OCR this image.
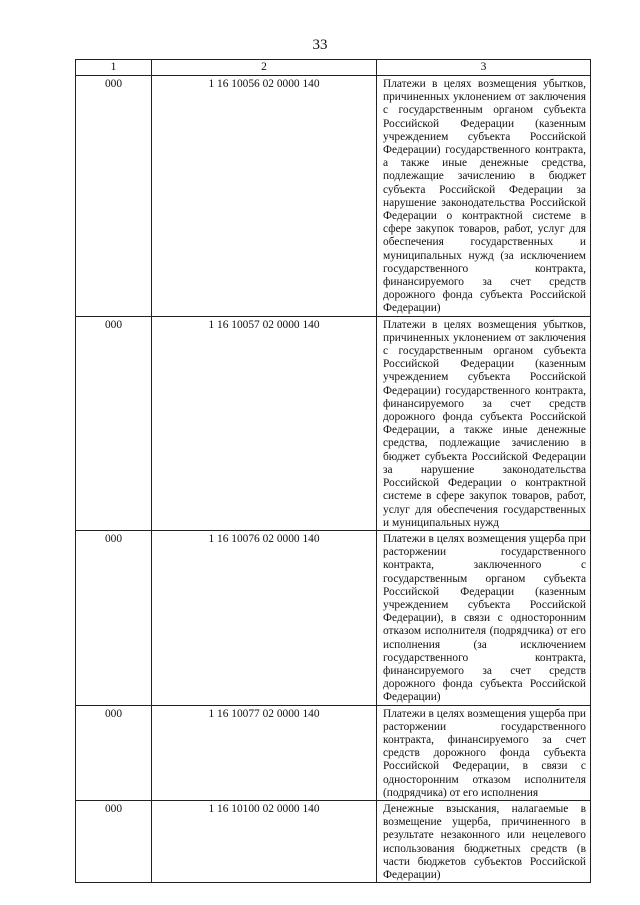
33
1	2	3
000	1 16 10056 02 0000 140	Платежи в целях возмещения убытков, причиненных уклонением от заключения с государственным органом субъекта Российской Федерации (казенным учреждением субъекта Российской Федерации) государственного контракта, а также иные денежные средства, подлежащие зачислению в бюджет субъекта Российской Федерации за нарушение законодательства Российской Федерации о контрактной системе в сфере закупок товаров, работ, услуг для обеспечения государственных и муниципальных нужд (за исключением государственного контракта, финансируемого за счет средств дорожного фонда субъекта Российской Федерации)
000	1 16 10057 02 0000 140	Платежи в целях возмещения убытков, причиненных уклонением от заключения с государственным органом субъекта Российской Федерации (казенным учреждением субъекта Российской Федерации) государственного контракта, финансируемого за счет средств дорожного фонда субъекта Российской Федерации, а также иные денежные средства, подлежащие зачислению в бюджет субъекта Российской Федерации за нарушение законодательства Российской Федерации о контрактной системе в сфере закупок товаров, работ, услуг для обеспечения государственных и муниципальных нужд
000	1 16 10076 02 0000 140	Платежи в целях возмещения ущерба при расторжении государственного контракта, заключенного с государственным органом субъекта Российской Федерации (казенным учреждением субъекта Российской Федерации), в связи с односторонним отказом исполнителя (подрядчика) от его исполнения (за исключением государственного контракта, финансируемого за счет средств дорожного фонда субъекта Российской Федерации)
000	1 16 10077 02 0000 140	Платежи в целях возмещения ущерба при расторжении государственного контракта, финансируемого за счет средств дорожного фонда субъекта Российской Федерации, в связи с односторонним отказом исполнителя (подрядчика) от его исполнения
000	1 16 10100 02 0000 140	Денежные взыскания, налагаемые в возмещение ущерба, причиненного в результате незаконного или нецелевого использования бюджетных средств (в части бюджетов субъектов Российской Федерации)
